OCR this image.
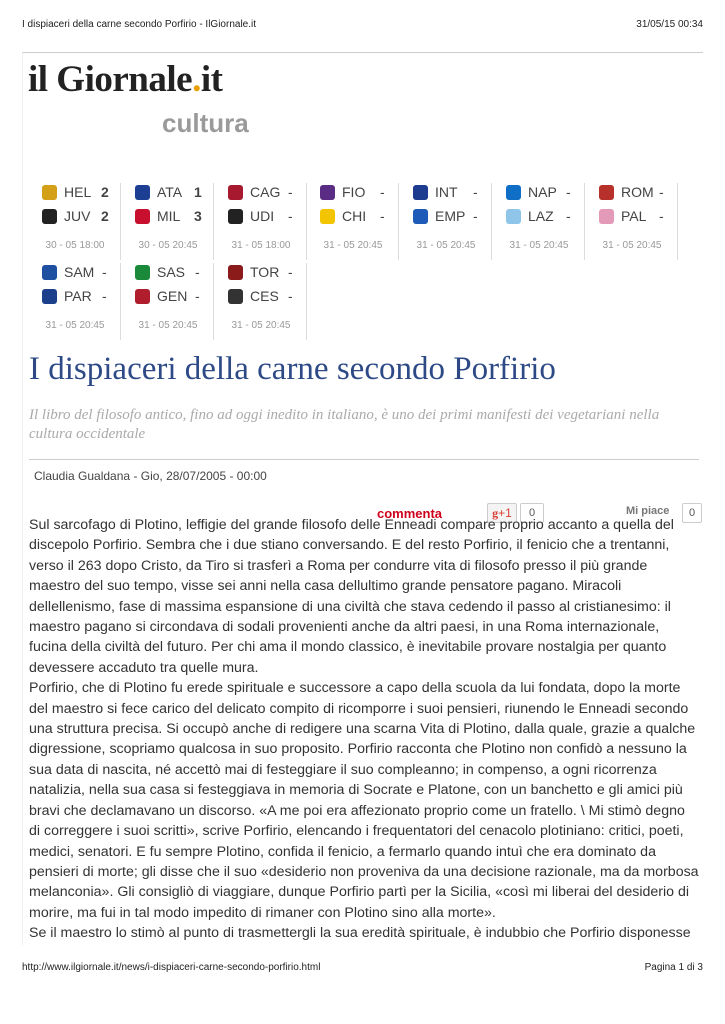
I dispiaceri della carne secondo Porfirio - IlGiornale.it	31/05/15 00:34
il Giornale.it
cultura
HEL 2
JUV 2
30 - 05 18:00
ATA 1
MIL 3
30 - 05 20:45
CAG -
UDI -
31 - 05 18:00
FIO -
CHI -
31 - 05 20:45
INT -
EMP -
31 - 05 20:45
NAP -
LAZ -
31 - 05 20:45
ROM -
PAL -
31 - 05 20:45
SAM -
PAR -
31 - 05 20:45
SAS -
GEN -
31 - 05 20:45
TOR -
CES -
31 - 05 20:45
I dispiaceri della carne secondo Porfirio
Il libro del filosofo antico, fino ad oggi inedito in italiano, è uno dei primi manifesti dei vegetariani nella cultura occidentale
Claudia Gualdana - Gio, 28/07/2005 - 00:00
commenta	g+1	0	Mi piace	0

Sul sarcofago di Plotino, leffigie del grande filosofo delle Enneadi compare proprio accanto a quella del discepolo Porfirio. Sembra che i due stiano conversando. E del resto Porfirio, il fenicio che a trentanni, verso il 263 dopo Cristo, da Tiro si trasferì a Roma per condurre vita di filosofo presso il più grande maestro del suo tempo, visse sei anni nella casa dellultimo grande pensatore pagano. Miracoli dellellenismo, fase di massima espansione di una civiltà che stava cedendo il passo al cristianesimo: il maestro pagano si circondava di sodali provenienti anche da altri paesi, in una Roma internazionale, fucina della civiltà del futuro. Per chi ama il mondo classico, è inevitabile provare nostalgia per quanto devessere accaduto tra quelle mura.

Porfirio, che di Plotino fu erede spirituale e successore a capo della scuola da lui fondata, dopo la morte del maestro si fece carico del delicato compito di ricomporre i suoi pensieri, riunendo le Enneadi secondo una struttura precisa. Si occupò anche di redigere una scarna Vita di Plotino, dalla quale, grazie a qualche digressione, scopriamo qualcosa in suo proposito. Porfirio racconta che Plotino non confidò a nessuno la sua data di nascita, né accettò mai di festeggiare il suo compleanno; in compenso, a ogni ricorrenza natalizia, nella sua casa si festeggiava in memoria di Socrate e Platone, con un banchetto e gli amici più bravi che declamavano un discorso. «A me poi era affezionato proprio come un fratello. \ Mi stimò degno di correggere i suoi scritti», scrive Porfirio, elencando i frequentatori del cenacolo plotiniano: critici, poeti, medici, senatori. E fu sempre Plotino, confida il fenicio, a fermarlo quando intuì che era dominato da pensieri di morte; gli disse che il suo «desiderio non proveniva da una decisione razionale, ma da morbosa melanconia». Gli consigliò di viaggiare, dunque Porfirio partì per la Sicilia, «così mi liberai del desiderio di morire, ma fui in tal modo impedito di rimaner con Plotino sino alla morte».

Se il maestro lo stimò al punto di trasmettergli la sua eredità spirituale, è indubbio che Porfirio disponesse

http://www.ilgiornale.it/news/i-dispiaceri-carne-secondo-porfirio.html	Pagina 1 di 3
